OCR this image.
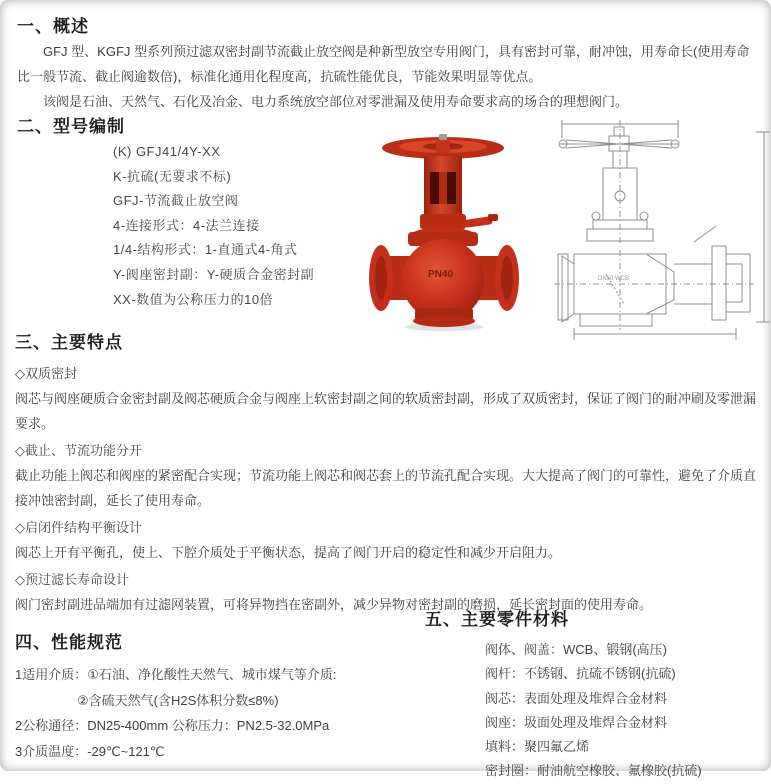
一、概述

GFJ 型、KGFJ 型系列预过滤双密封副节流截止放空阀是种新型放空专用阀门，具有密封可靠，耐冲蚀，用寿命长(使用寿命比一般节流、截止阀逾数倍)，标准化通用化程度高，抗硫性能优良，节能效果明显等优点。

该阀是石油、天然气、石化及冶金、电力系统放空部位对零泄漏及使用寿命要求高的场合的理想阀门。

二、型号编制
(K) GFJ41/4Y-XX
K-抗硫(无要求不标)
GFJ-节流截止放空阀
4-连接形式：4-法兰连接
1/4-结构形式：1-直通式4-角式
Y-阀座密封副：Y-硬质合金密封副
XX-数值为公称压力的10倍
PN40	DN50 WCB
三、主要特点

◇双质密封

阀芯与阀座硬质合金密封副及阀芯硬质合金与阀座上软密封副之间的软质密封副，形成了双质密封，保证了阀门的耐冲刷及零泄漏要求。

◇截止、节流功能分开

截止功能上阀芯和阀座的紧密配合实现；节流功能上阀芯和阀芯套上的节流孔配合实现。大大提高了阀门的可靠性，避免了介质直接冲蚀密封副，延长了使用寿命。

◇启闭件结构平衡设计

阀芯上开有平衡孔，使上、下腔介质处于平衡状态，提高了阀门开启的稳定性和减少开启阻力。

◇预过滤长寿命设计

阀门密封副进品端加有过滤网装置，可将异物挡在密副外，减少异物对密封副的磨损，延长密封面的使用寿命。

四、性能规范

1适用介质：①石油、净化酸性天然气、城市煤气等介质:

②含硫天然气(含H2S体积分数≤8%)

2公称通径：DN25-400mm 公称压力：PN2.5-32.0MPa

3介质温度：-29℃~121℃

五、主要零件材料
阀体、阀盖：WCB、锻钢(高压)
阀杆：不锈钢、抗硫不锈钢(抗硫)
阀芯：表面处理及堆焊合金材料
阀座：圾面处理及堆焊合金材料
填料：聚四氟乙烯
密封圈：耐油航空橡胶、氟橡胶(抗硫)
